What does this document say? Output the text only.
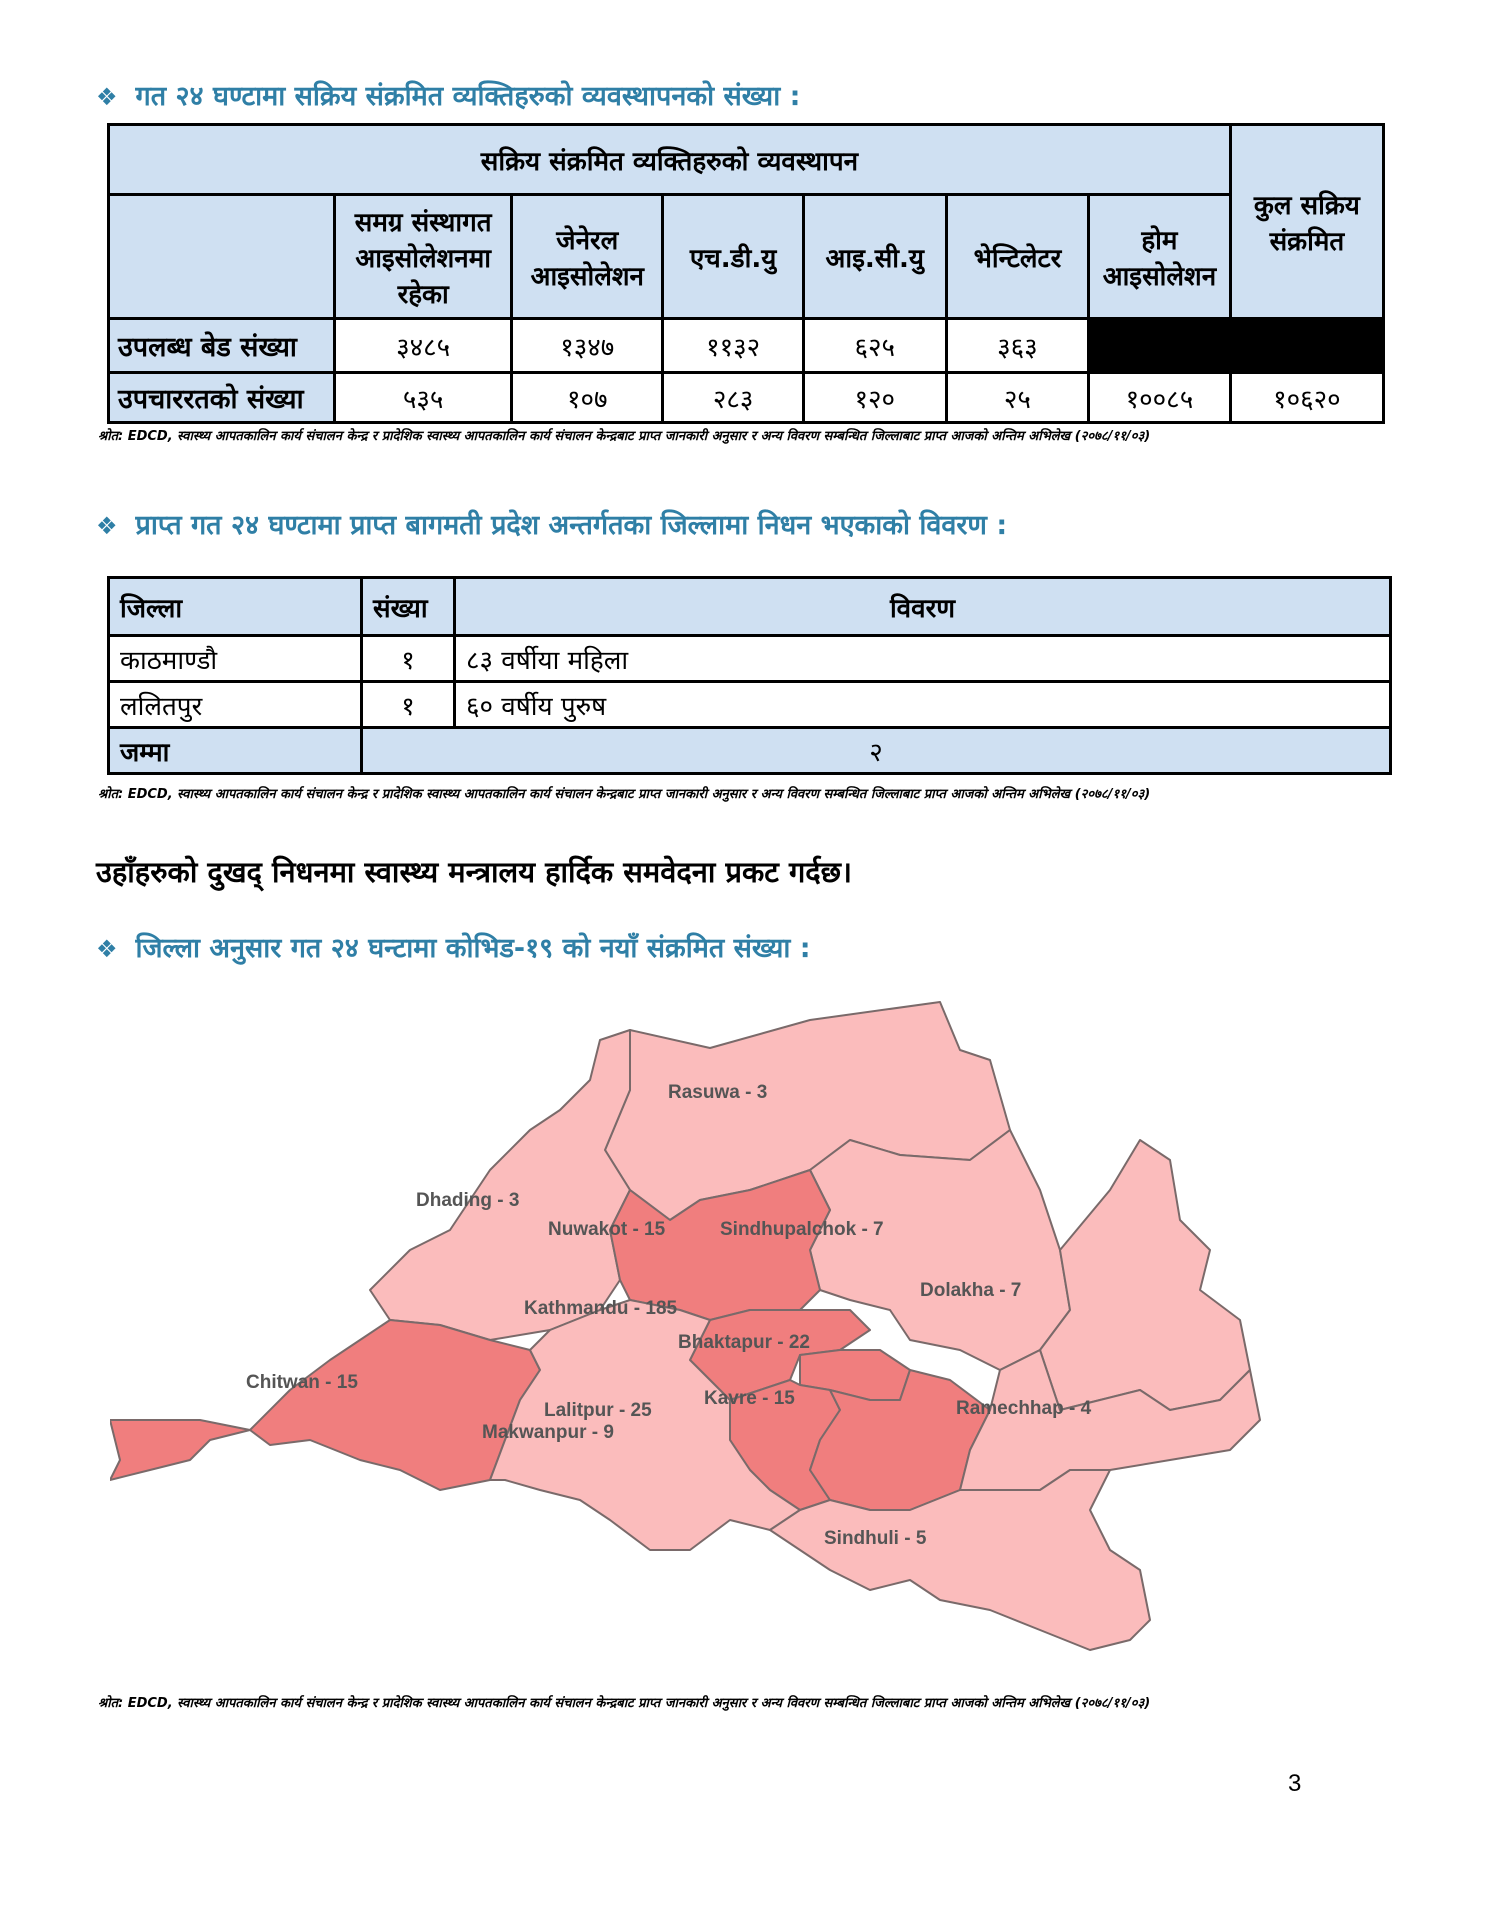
❖ गत २४ घण्टामा सक्रिय संक्रमित व्यक्तिहरुको व्यवस्थापनको संख्या :
सक्रिय संक्रमित व्यक्तिहरुको व्यवस्थापन							कुल सक्रिय संक्रमित
	समग्र संस्थागत आइसोलेशनमा रहेका	जेनेरल आइसोलेशन	एच.डी.यु	आइ.सी.यु	भेन्टिलेटर	होम आइसोलेशन	
उपलब्ध बेड संख्या	३४८५	१३४७	११३२	६२५	३६३		
उपचाररतको संख्या	५३५	१०७	२८३	१२०	२५	१००८५	१०६२०
श्रोत: EDCD, स्वास्थ्य आपतकालिन कार्य संचालन केन्द्र र प्रादेशिक स्वास्थ्य आपतकालिन कार्य संचालन केन्द्रबाट प्राप्त जानकारी अनुसार र अन्य विवरण सम्बन्धित जिल्लाबाट प्राप्त आजको अन्तिम अभिलेख (२०७८/११/०३)
❖ प्राप्त गत २४ घण्टामा प्राप्त बागमती प्रदेश अन्तर्गतका जिल्लामा निधन भएकाको विवरण :
जिल्ला	संख्या	विवरण
काठमाण्डौ	१	८३ वर्षीया महिला
ललितपुर	१	६० वर्षीय पुरुष
जम्मा	२	
श्रोत: EDCD, स्वास्थ्य आपतकालिन कार्य संचालन केन्द्र र प्रादेशिक स्वास्थ्य आपतकालिन कार्य संचालन केन्द्रबाट प्राप्त जानकारी अनुसार र अन्य विवरण सम्बन्धित जिल्लाबाट प्राप्त आजको अन्तिम अभिलेख (२०७८/११/०३)
उहाँहरुको दुखद् निधनमा स्वास्थ्य मन्त्रालय हार्दिक समवेदना प्रकट गर्दछ।
❖ जिल्ला अनुसार गत २४ घन्टामा कोभिड-१९ को नयाँ संक्रमित संख्या :
Rasuwa - 3
Dhading - 3
Nuwakot - 15	Sindhupalchok - 7
Dolakha - 7
Kathmandu - 185
Bhaktapur - 22
Chitwan - 15
Lalitpur - 25
Kavre - 15
Makwanpur - 9
Ramechhap - 4
Sindhuli - 5
श्रोत: EDCD, स्वास्थ्य आपतकालिन कार्य संचालन केन्द्र र प्रादेशिक स्वास्थ्य आपतकालिन कार्य संचालन केन्द्रबाट प्राप्त जानकारी अनुसार र अन्य विवरण सम्बन्धित जिल्लाबाट प्राप्त आजको अन्तिम अभिलेख (२०७८/११/०३)
3
